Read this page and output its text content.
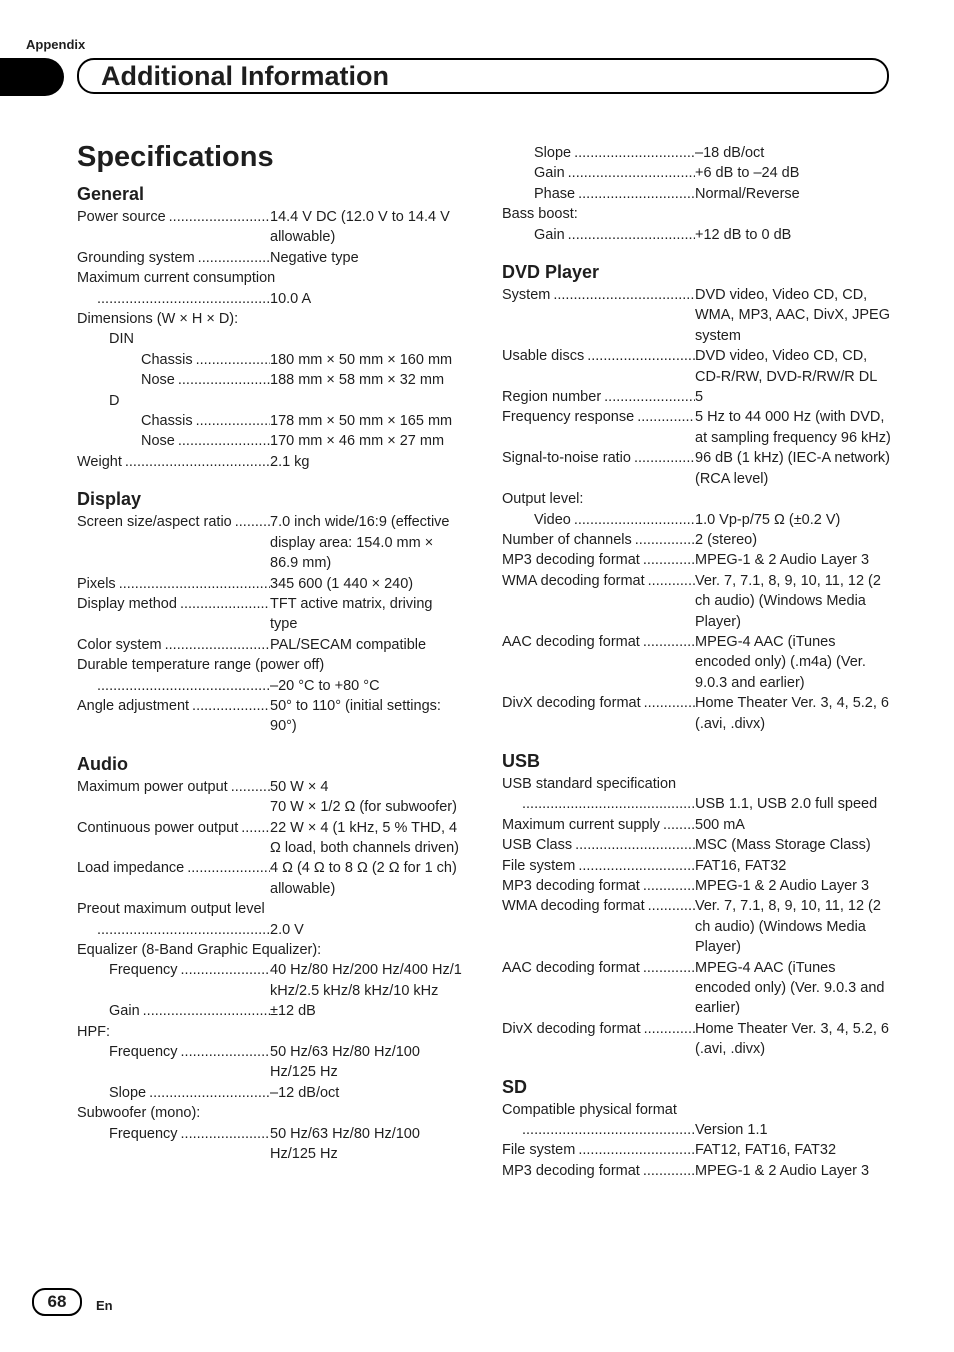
Appendix
Additional Information
Specifications
General
Power source .....	14.4 V DC (12.0 V to 14.4 V allowable)
Grounding system .....	Negative type
Maximum current consumption
.....
10.0 A
Dimensions (W × H × D):
DIN
Chassis .....	180 mm × 50 mm × 160 mm
Nose .....	188 mm × 58 mm × 32 mm
D
Chassis .....	178 mm × 50 mm × 165 mm
Nose .....	170 mm × 46 mm × 27 mm
Weight .....	2.1 kg
Display
Screen size/aspect ratio .....	7.0 inch wide/16:9 (effective display area: 154.0 mm × 86.9 mm)
Pixels .....	345 600 (1 440 × 240)
Display method .....	TFT active matrix, driving type
Color system .....	PAL/SECAM compatible
Durable temperature range (power off)
.....
–20 °C to +80 °C
Angle adjustment .....	50° to 110° (initial settings: 90°)
Audio
Maximum power output .....	50 W × 4
70 W × 1/2 Ω (for subwoofer)
Continuous power output ..... 22 W × 4 (1 kHz, 5 % THD, 4 Ω load, both channels driven)
Load impedance .....	4 Ω (4 Ω to 8 Ω (2 Ω for 1 ch) allowable)
Preout maximum output level
.....
2.0 V
Equalizer (8-Band Graphic Equalizer):
Frequency .....	40 Hz/80 Hz/200 Hz/400 Hz/1 kHz/2.5 kHz/8 kHz/10 kHz
Gain .....	±12 dB
HPF:
Frequency .....	50 Hz/63 Hz/80 Hz/100 Hz/125 Hz
Slope .....	–12 dB/oct
Subwoofer (mono):
Frequency .....	50 Hz/63 Hz/80 Hz/100 Hz/125 Hz
Slope .....	–18 dB/oct
Gain .....	+6 dB to –24 dB
Phase .....	Normal/Reverse
Bass boost:
Gain .....	+12 dB to 0 dB
DVD Player
System .....	DVD video, Video CD, CD, WMA, MP3, AAC, DivX, JPEG system
Usable discs .....	DVD video, Video CD, CD, CD-R/RW, DVD-R/RW/R DL
Region number .....	5
Frequency response .....	5 Hz to 44 000 Hz (with DVD, at sampling frequency 96 kHz)
Signal-to-noise ratio .....	96 dB (1 kHz) (IEC-A network) (RCA level)
Output level:
Video .....	1.0 Vp-p/75 Ω (±0.2 V)
Number of channels .....	2 (stereo)
MP3 decoding format .....	MPEG-1 & 2 Audio Layer 3
WMA decoding format .....	Ver. 7, 7.1, 8, 9, 10, 11, 12 (2 ch audio) (Windows Media Player)
AAC decoding format .....	MPEG-4 AAC (iTunes encoded only) (.m4a) (Ver. 9.0.3 and earlier)
DivX decoding format .....	Home Theater Ver. 3, 4, 5.2, 6 (.avi, .divx)
USB
USB standard specification
.....
USB 1.1, USB 2.0 full speed
Maximum current supply ..... 500 mA
USB Class .....	MSC (Mass Storage Class)
File system .....	FAT16, FAT32
MP3 decoding format .....	MPEG-1 & 2 Audio Layer 3
WMA decoding format .....	Ver. 7, 7.1, 8, 9, 10, 11, 12 (2 ch audio) (Windows Media Player)
AAC decoding format .....	MPEG-4 AAC (iTunes encoded only) (Ver. 9.0.3 and earlier)
DivX decoding format .....	Home Theater Ver. 3, 4, 5.2, 6 (.avi, .divx)
SD
Compatible physical format
.....
Version 1.1
File system .....	FAT12, FAT16, FAT32
MP3 decoding format .....	MPEG-1 & 2 Audio Layer 3
68	En
